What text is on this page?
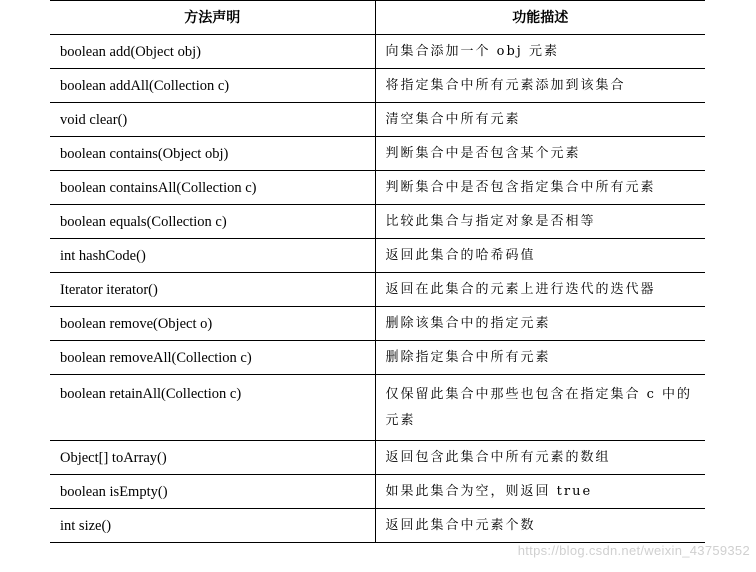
方法声明	功能描述
boolean add(Object obj)	向集合添加一个 obj 元素
boolean addAll(Collection c)	将指定集合中所有元素添加到该集合
void clear()	清空集合中所有元素
boolean contains(Object obj)	判断集合中是否包含某个元素
boolean containsAll(Collection c)	判断集合中是否包含指定集合中所有元素
boolean equals(Collection c)	比较此集合与指定对象是否相等
int hashCode()	返回此集合的哈希码值
Iterator iterator()	返回在此集合的元素上进行迭代的迭代器
boolean remove(Object o)	删除该集合中的指定元素
boolean removeAll(Collection c)	删除指定集合中所有元素
boolean retainAll(Collection c)	仅保留此集合中那些也包含在指定集合 c 中的元素
Object[] toArray()	返回包含此集合中所有元素的数组
boolean isEmpty()	如果此集合为空，则返回 true
int size()	返回此集合中元素个数
https://blog.csdn.net/weixin_43759352
